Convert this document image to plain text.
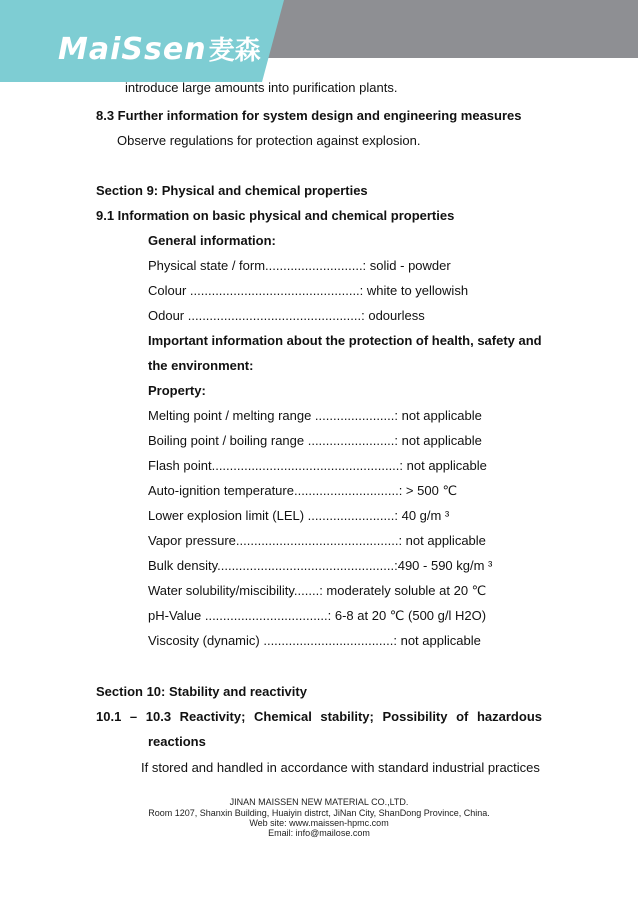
MaiSsen麦森
introduce large amounts into purification plants.
8.3 Further information for system design and engineering measures
Observe regulations for protection against explosion.
Section 9: Physical and chemical properties
9.1 Information on basic physical and chemical properties
General information:
Physical state / form...........................: solid - powder
Colour ...............................................: white to yellowish
Odour ................................................: odourless
Important information about the protection of health, safety and
the environment:
Property:
Melting point / melting range ......................: not applicable
Boiling point / boiling range ........................: not applicable
Flash point....................................................: not applicable
Auto-ignition temperature.............................: > 500 ℃
Lower explosion limit (LEL) ........................: 40 g/m ³
Vapor pressure.............................................: not applicable
Bulk density.................................................:490 - 590 kg/m ³
Water solubility/miscibility.......: moderately soluble at 20 ℃
pH-Value ..................................: 6-8 at 20 ℃ (500 g/l H2O)
Viscosity (dynamic) ....................................: not applicable
Section 10: Stability and reactivity
10.1 – 10.3 Reactivity; Chemical stability; Possibility of hazardous
reactions
If stored and handled in accordance with standard industrial practices
JINAN MAISSEN NEW MATERIAL CO.,LTD.
Room 1207, Shanxin Building, Huaiyin distrct, JiNan City, ShanDong Province, China.
Web site: www.maissen-hpmc.com
Email: info@mailose.com
